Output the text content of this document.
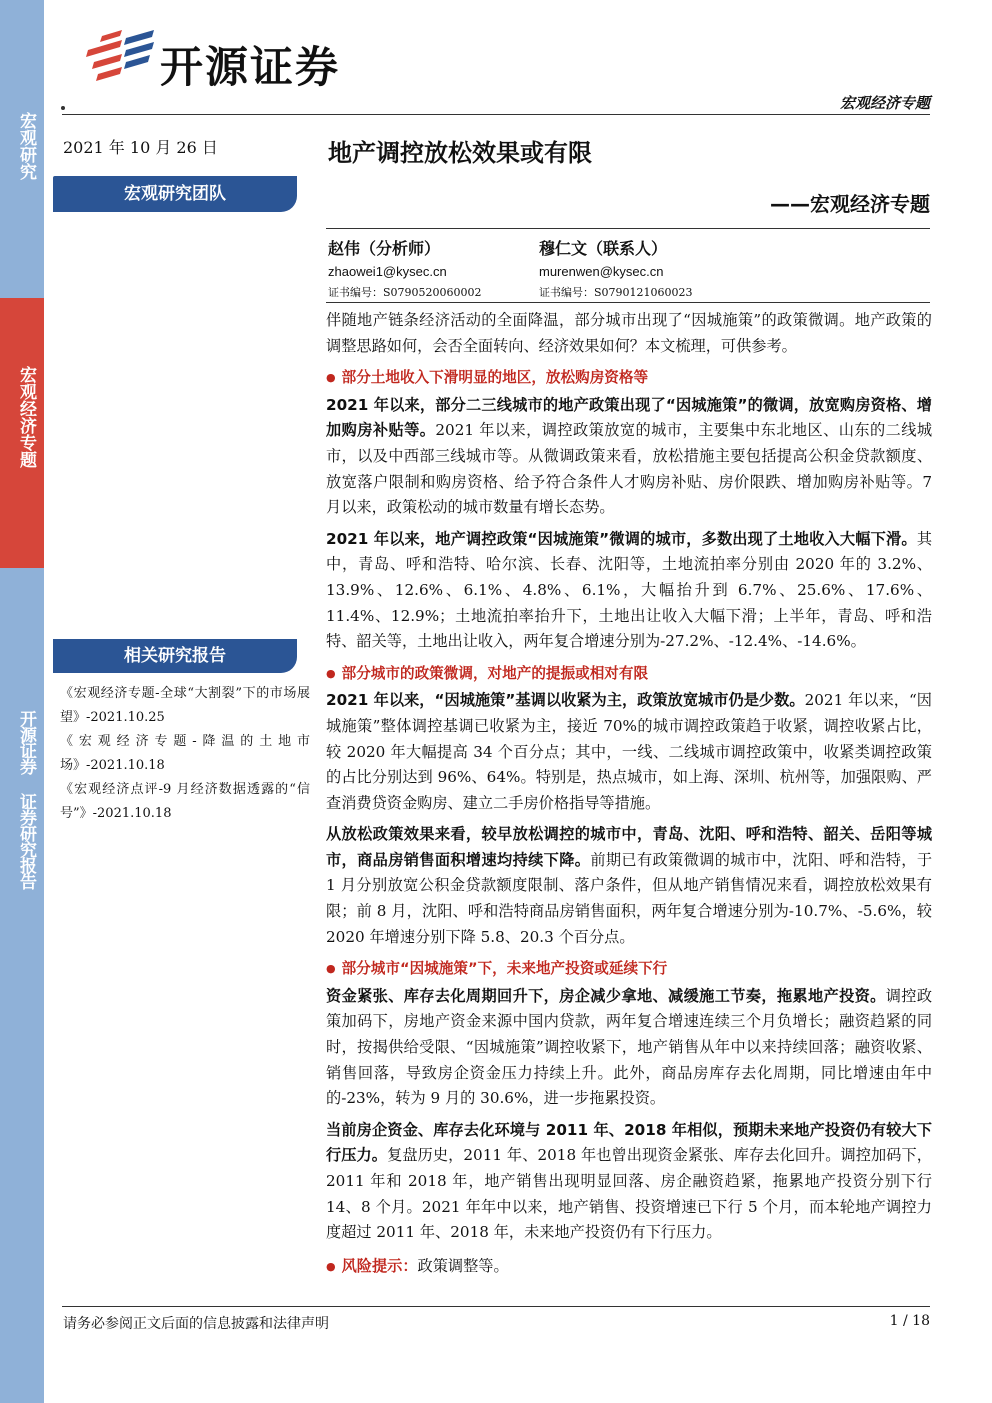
宏观研究
宏观经济专题
开源证券 证券研究报告
开源证券
宏观经济专题
2021 年 10 月 26 日	地产调控放松效果或有限
——宏观经济专题
宏观研究团队
赵伟（分析师）
zhaowei1@kysec.cn
证书编号：S0790520060002
穆仁文（联系人）
murenwen@kysec.cn
证书编号：S0790121060023

伴随地产链条经济活动的全面降温，部分城市出现了“因城施策”的政策微调。地产政策的调整思路如何，会否全面转向、经济效果如何？本文梳理，可供参考。

● 部分土地收入下滑明显的地区，放松购房资格等

2021 年以来，部分二三线城市的地产政策出现了“因城施策”的微调，放宽购房资格、增加购房补贴等。2021 年以来，调控政策放宽的城市，主要集中东北地区、山东的二线城市，以及中西部三线城市等。从微调政策来看，放松措施主要包括提高公积金贷款额度、放宽落户限制和购房资格、给予符合条件人才购房补贴、房价限跌、增加购房补贴等。7 月以来，政策松动的城市数量有增长态势。

2021 年以来，地产调控政策“因城施策”微调的城市，多数出现了土地收入大幅下滑。其中，青岛、呼和浩特、哈尔滨、长春、沈阳等，土地流拍率分别由 2020 年的 3.2%、13.9%、12.6%、6.1%、4.8%、6.1%，大幅抬升到 6.7%、25.6%、17.6%、11.4%、12.9%；土地流拍率抬升下，土地出让收入大幅下滑；上半年，青岛、呼和浩特、韶关等，土地出让收入，两年复合增速分别为-27.2%、-12.4%、-14.6%。

● 部分城市的政策微调，对地产的提振或相对有限

2021 年以来，“因城施策”基调以收紧为主，政策放宽城市仍是少数。2021 年以来，“因城施策”整体调控基调已收紧为主，接近 70%的城市调控政策趋于收紧，调控收紧占比，较 2020 年大幅提高 34 个百分点；其中，一线、二线城市调控政策中，收紧类调控政策的占比分别达到 96%、64%。特别是，热点城市，如上海、深圳、杭州等，加强限购、严查消费贷资金购房、建立二手房价格指导等措施。

从放松政策效果来看，较早放松调控的城市中，青岛、沈阳、呼和浩特、韶关、岳阳等城市，商品房销售面积增速均持续下降。前期已有政策微调的城市中，沈阳、呼和浩特，于 1 月分别放宽公积金贷款额度限制、落户条件，但从地产销售情况来看，调控放松效果有限；前 8 月，沈阳、呼和浩特商品房销售面积，两年复合增速分别为-10.7%、-5.6%，较 2020 年增速分别下降 5.8、20.3 个百分点。

● 部分城市“因城施策”下，未来地产投资或延续下行

资金紧张、库存去化周期回升下，房企减少拿地、减缓施工节奏，拖累地产投资。调控政策加码下，房地产资金来源中国内贷款，两年复合增速连续三个月负增长；融资趋紧的同时，按揭供给受限、“因城施策”调控收紧下，地产销售从年中以来持续回落；融资收紧、销售回落，导致房企资金压力持续上升。此外，商品房库存去化周期，同比增速由年中的-23%，转为 9 月的 30.6%，进一步拖累投资。

当前房企资金、库存去化环境与 2011 年、2018 年相似，预期未来地产投资仍有较大下行压力。复盘历史，2011 年、2018 年也曾出现资金紧张、库存去化回升。调控加码下，2011 年和 2018 年，地产销售出现明显回落、房企融资趋紧，拖累地产投资分别下行 14、8 个月。2021 年年中以来，地产销售、投资增速已下行 5 个月，而本轮地产调控力度超过 2011 年、2018 年，未来地产投资仍有下行压力。

● 风险提示：政策调整等。

相关研究报告
《宏观经济专题-全球“大割裂”下的市场展望》-2021.10.25
《宏观经济专题-降温的土地市场》-2021.10.18
《宏观经济点评-9 月经济数据透露的“信号”》-2021.10.18
请务必参阅正文后面的信息披露和法律声明	1 / 18
